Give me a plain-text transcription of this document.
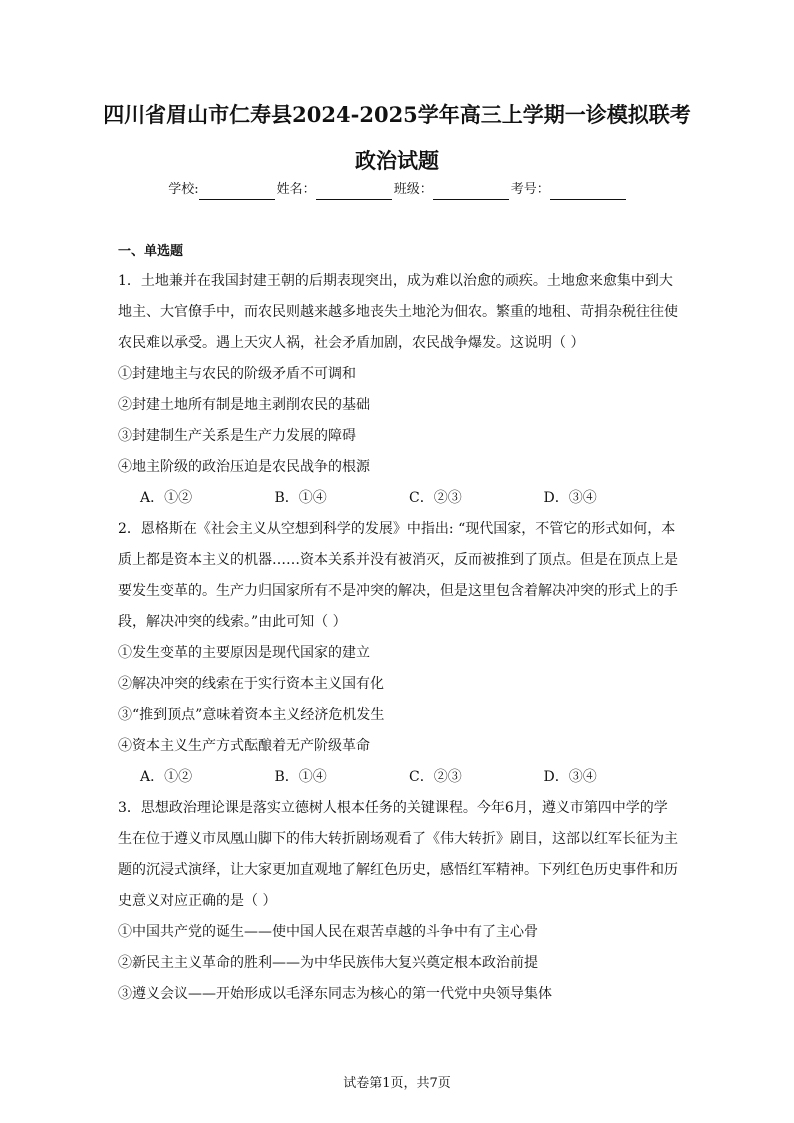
四川省眉山市仁寿县2024-2025学年高三上学期一诊模拟联考
政治试题
学校:	姓名：	班级：	考号：
一、单选题

1．土地兼并在我国封建王朝的后期表现突出，成为难以治愈的顽疾。土地愈来愈集中到大

地主、大官僚手中，而农民则越来越多地丧失土地沦为佃农。繁重的地租、苛捐杂税往往使

农民难以承受。遇上天灾人祸，社会矛盾加剧，农民战争爆发。这说明（ ）

①封建地主与农民的阶级矛盾不可调和

②封建土地所有制是地主剥削农民的基础

③封建制生产关系是生产力发展的障碍

④地主阶级的政治压迫是农民战争的根源

A．①②	B．①④	C．②③	D．③④

2．恩格斯在《社会主义从空想到科学的发展》中指出: “现代国家，不管它的形式如何，本

质上都是资本主义的机器……资本关系并没有被消灭，反而被推到了顶点。但是在顶点上是

要发生变革的。生产力归国家所有不是冲突的解决，但是这里包含着解决冲突的形式上的手

段，解决冲突的线索。”由此可知（ ）

①发生变革的主要原因是现代国家的建立

②解决冲突的线索在于实行资本主义国有化

③“推到顶点”意味着资本主义经济危机发生

④资本主义生产方式酝酿着无产阶级革命

A．①②	B．①④	C．②③	D．③④

3．思想政治理论课是落实立德树人根本任务的关键课程。今年6月，遵义市第四中学的学

生在位于遵义市凤凰山脚下的伟大转折剧场观看了《伟大转折》剧目，这部以红军长征为主

题的沉浸式演绎，让大家更加直观地了解红色历史，感悟红军精神。下列红色历史事件和历

史意义对应正确的是（ ）

①中国共产党的诞生——使中国人民在艰苦卓越的斗争中有了主心骨

②新民主主义革命的胜利——为中华民族伟大复兴奠定根本政治前提

③遵义会议——开始形成以毛泽东同志为核心的第一代党中央领导集体

试卷第1页，共7页
